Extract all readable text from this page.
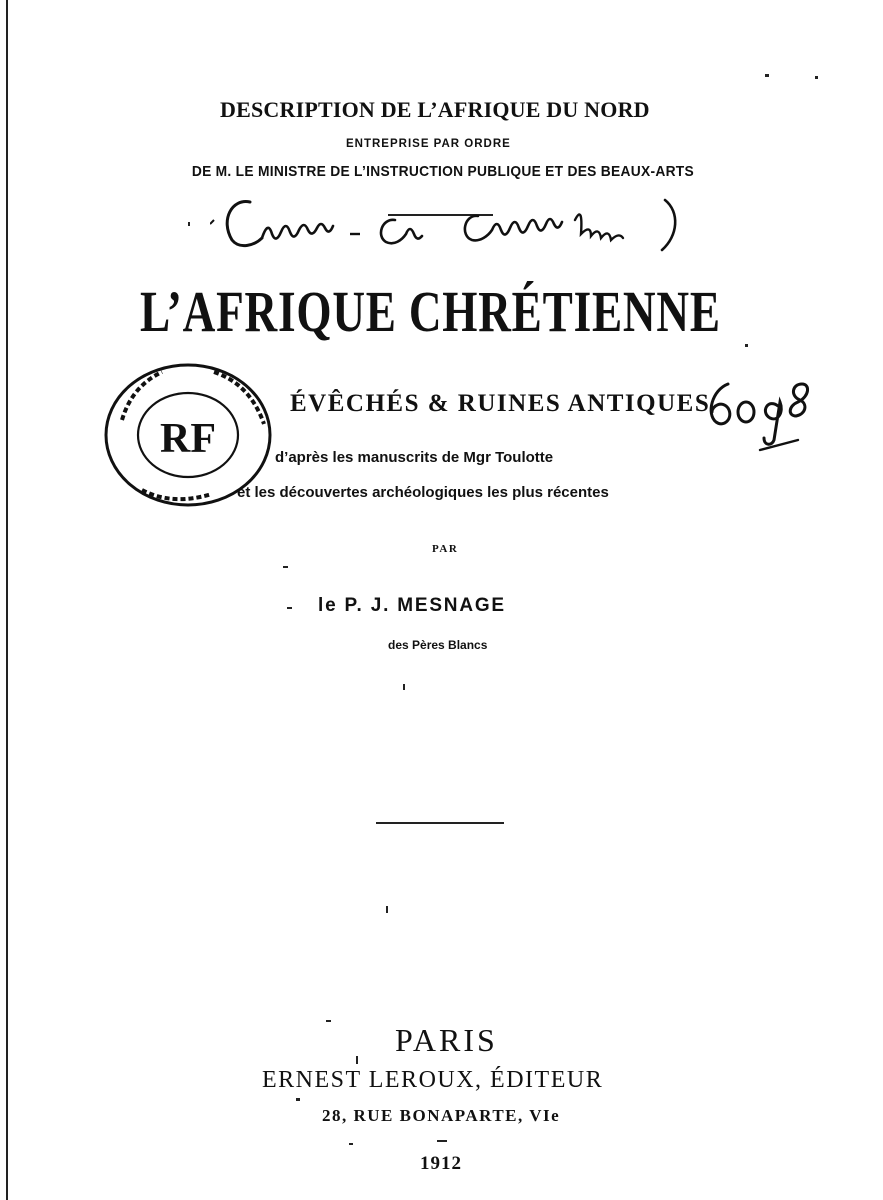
DESCRIPTION DE L’AFRIQUE DU NORD
ENTREPRISE PAR ORDRE
DE M. LE MINISTRE DE L’INSTRUCTION PUBLIQUE ET DES BEAUX-ARTS
L’AFRIQUE CHRÉTIENNE
RF
ÉVÊCHÉS & RUINES ANTIQUES
d’après les manuscrits de Mgr Toulotte
et les découvertes archéologiques les plus récentes
PAR
le P. J. MESNAGE
des Pères Blancs
PARIS
ERNEST LEROUX, ÉDITEUR
28, RUE BONAPARTE, VIe
1912
